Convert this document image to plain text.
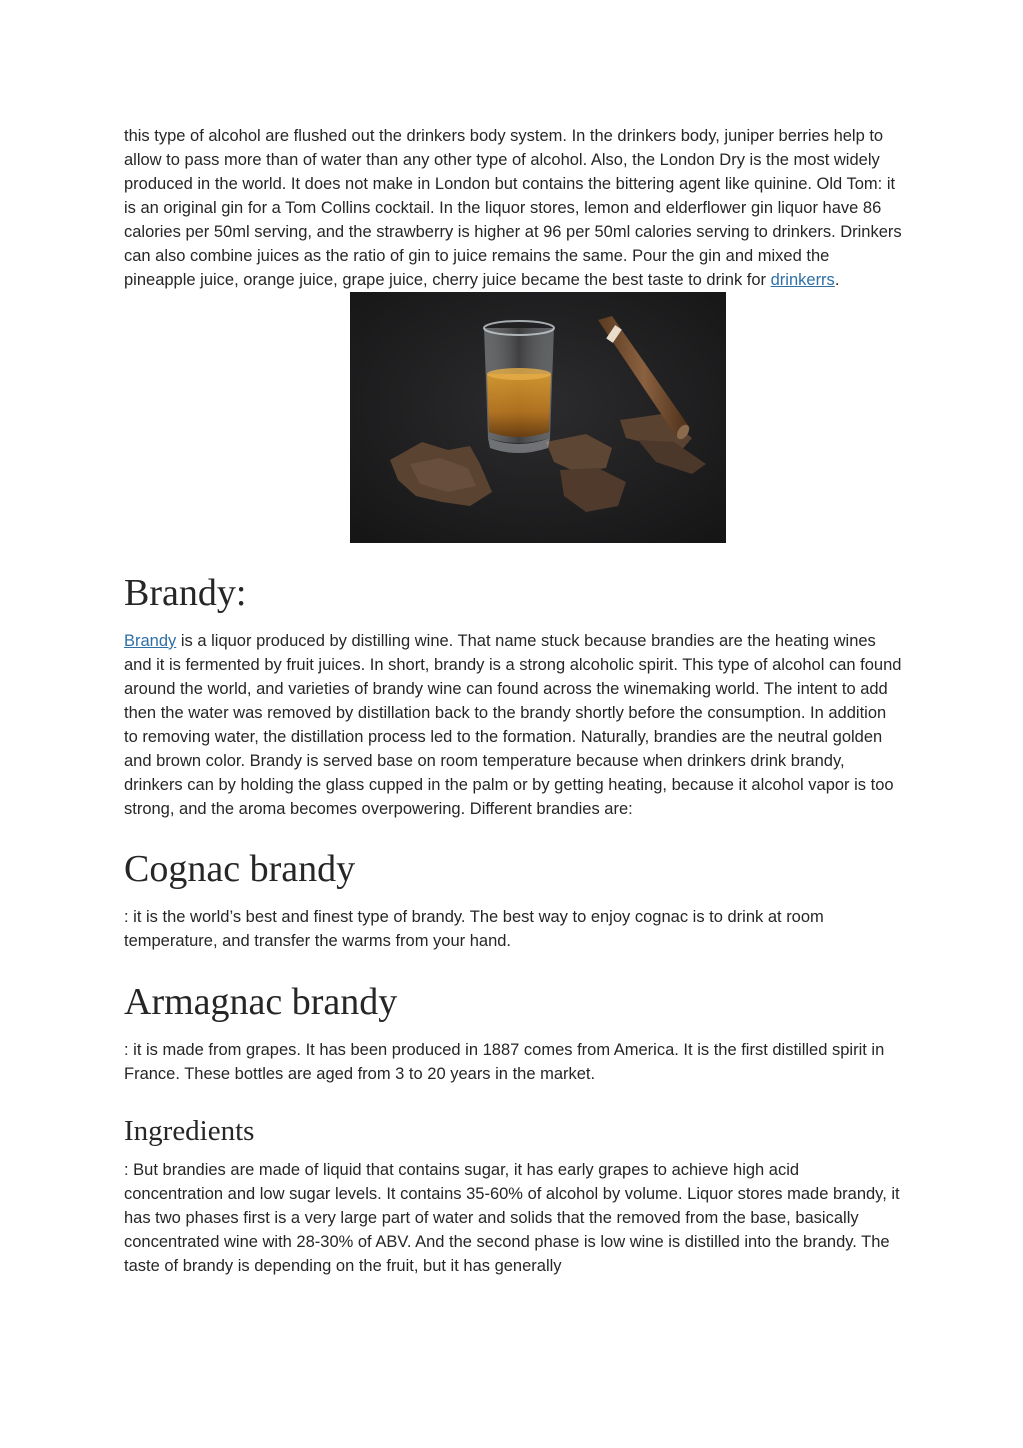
this type of alcohol are flushed out the drinkers body system. In the drinkers body, juniper berries help to allow to pass more than of water than any other type of alcohol. Also, the London Dry is the most widely produced in the world. It does not make in London but contains the bittering agent like quinine. Old Tom: it is an original gin for a Tom Collins cocktail. In the liquor stores, lemon and elderflower gin liquor have 86 calories per 50ml serving, and the strawberry is higher at 96 per 50ml calories serving to drinkers. Drinkers can also combine juices as the ratio of gin to juice remains the same. Pour the gin and mixed the pineapple juice, orange juice, grape juice, cherry juice became the best taste to drink for drinkerrs.

Brandy:

Brandy is a liquor produced by distilling wine. That name stuck because brandies are the heating wines and it is fermented by fruit juices. In short, brandy is a strong alcoholic spirit. This type of alcohol can found around the world, and varieties of brandy wine can found across the winemaking world. The intent to add then the water was removed by distillation back to the brandy shortly before the consumption. In addition to removing water, the distillation process led to the formation. Naturally, brandies are the neutral golden and brown color. Brandy is served base on room temperature because when drinkers drink brandy, drinkers can by holding the glass cupped in the palm or by getting heating, because it alcohol vapor is too strong, and the aroma becomes overpowering. Different brandies are:

Cognac brandy

: it is the world’s best and finest type of brandy. The best way to enjoy cognac is to drink at room temperature, and transfer the warms from your hand.

Armagnac brandy

: it is made from grapes. It has been produced in 1887 comes from America. It is the first distilled spirit in France. These bottles are aged from 3 to 20 years in the market.

Ingredients

: But brandies are made of liquid that contains sugar, it has early grapes to achieve high acid concentration and low sugar levels. It contains 35-60% of alcohol by volume. Liquor stores made brandy, it has two phases first is a very large part of water and solids that the removed from the base, basically concentrated wine with 28-30% of ABV. And the second phase is low wine is distilled into the brandy. The taste of brandy is depending on the fruit, but it has generally
